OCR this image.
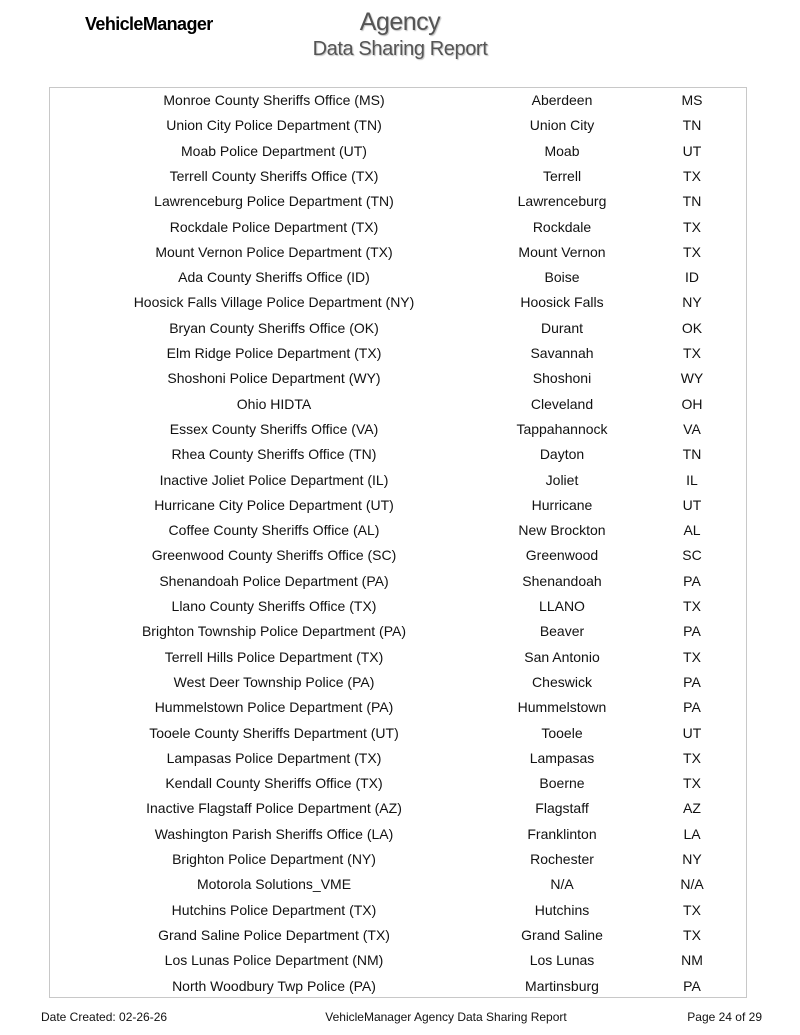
VehicleManager	Agency
Data Sharing Report
Monroe County Sheriffs Office (MS)	Aberdeen	MS
Union City Police Department (TN)	Union City	TN
Moab Police Department (UT)	Moab	UT
Terrell County Sheriffs Office (TX)	Terrell	TX
Lawrenceburg Police Department (TN)	Lawrenceburg	TN
Rockdale Police Department (TX)	Rockdale	TX
Mount Vernon Police Department (TX)	Mount Vernon	TX
Ada County Sheriffs Office (ID)	Boise	ID
Hoosick Falls Village Police Department (NY)	Hoosick Falls	NY
Bryan County Sheriffs Office (OK)	Durant	OK
Elm Ridge Police Department (TX)	Savannah	TX
Shoshoni Police Department (WY)	Shoshoni	WY
Ohio HIDTA	Cleveland	OH
Essex County Sheriffs Office (VA)	Tappahannock	VA
Rhea County Sheriffs Office (TN)	Dayton	TN
Inactive Joliet Police Department (IL)	Joliet	IL
Hurricane City Police Department (UT)	Hurricane	UT
Coffee County Sheriffs Office (AL)	New Brockton	AL
Greenwood County Sheriffs Office (SC)	Greenwood	SC
Shenandoah Police Department (PA)	Shenandoah	PA
Llano County Sheriffs Office (TX)	LLANO	TX
Brighton Township Police Department (PA)	Beaver	PA
Terrell Hills Police Department (TX)	San Antonio	TX
West Deer Township Police (PA)	Cheswick	PA
Hummelstown Police Department (PA)	Hummelstown	PA
Tooele County Sheriffs Department (UT)	Tooele	UT
Lampasas Police Department (TX)	Lampasas	TX
Kendall County Sheriffs Office (TX)	Boerne	TX
Inactive Flagstaff Police Department (AZ)	Flagstaff	AZ
Washington Parish Sheriffs Office (LA)	Franklinton	LA
Brighton Police Department (NY)	Rochester	NY
Motorola Solutions_VME	N/A	N/A
Hutchins Police Department (TX)	Hutchins	TX
Grand Saline Police Department (TX)	Grand Saline	TX
Los Lunas Police Department (NM)	Los Lunas	NM
North Woodbury Twp Police (PA)	Martinsburg	PA
Date Created: 02-26-26	VehicleManager Agency Data Sharing Report	Page 24 of 29
